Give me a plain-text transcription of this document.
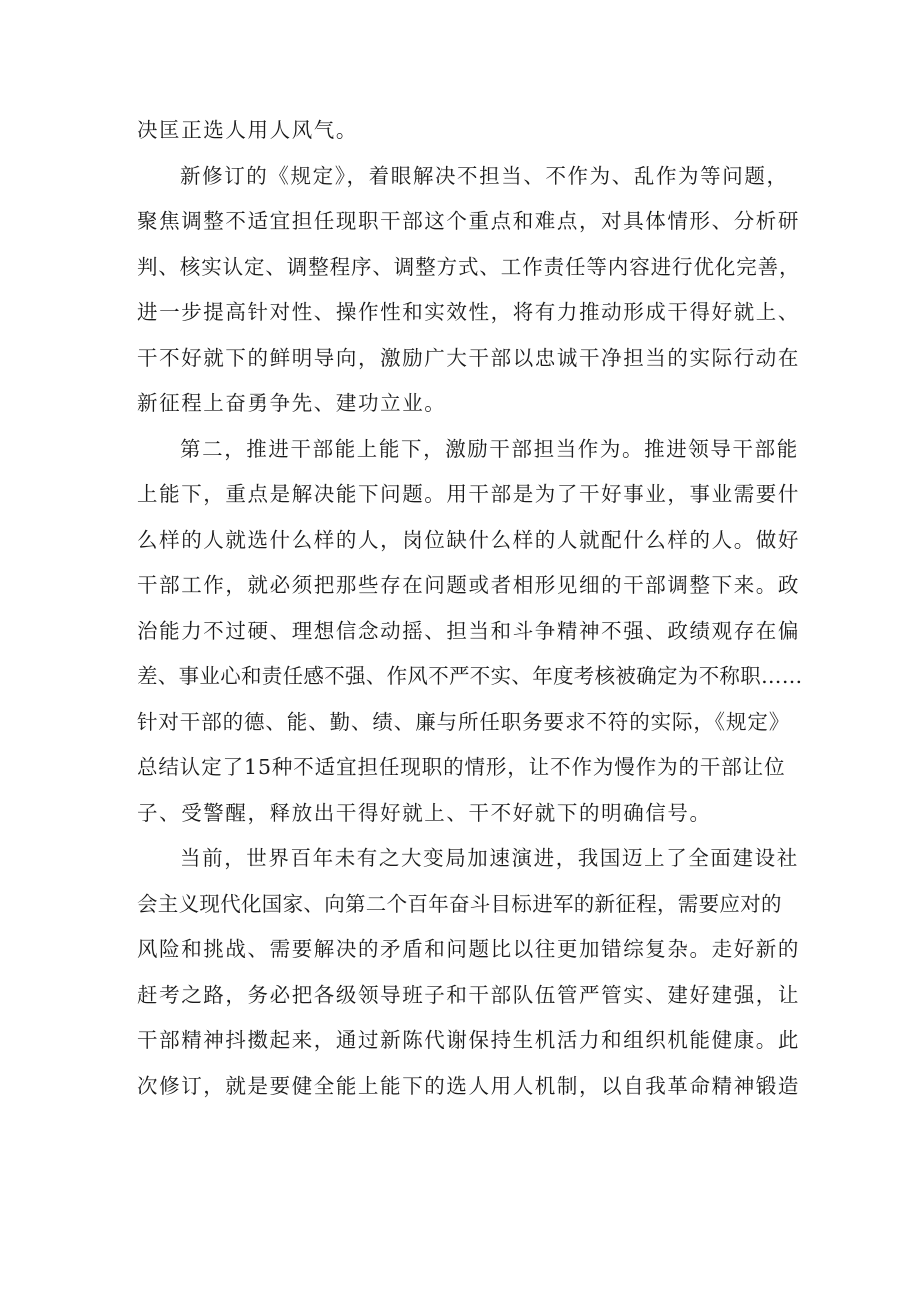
决匡正选人用人风气。

新修订的《规定》，着眼解决不担当、不作为、乱作为等问题，
聚焦调整不适宜担任现职干部这个重点和难点，对具体情形、分析研
判、核实认定、调整程序、调整方式、工作责任等内容进行优化完善，
进一步提高针对性、操作性和实效性，将有力推动形成干得好就上、
干不好就下的鲜明导向，激励广大干部以忠诚干净担当的实际行动在
新征程上奋勇争先、建功立业。

第二，推进干部能上能下，激励干部担当作为。推进领导干部能
上能下，重点是解决能下问题。用干部是为了干好事业，事业需要什
么样的人就选什么样的人，岗位缺什么样的人就配什么样的人。做好
干部工作，就必须把那些存在问题或者相形见细的干部调整下来。政
治能力不过硬、理想信念动摇、担当和斗争精神不强、政绩观存在偏
差、事业心和责任感不强、作风不严不实、年度考核被确定为不称职……
针对干部的德、能、勤、绩、廉与所任职务要求不符的实际，《规定》
总结认定了15种不适宜担任现职的情形，让不作为慢作为的干部让位
子、受警醒，释放出干得好就上、干不好就下的明确信号。

当前，世界百年未有之大变局加速演进，我国迈上了全面建设社
会主义现代化国家、向第二个百年奋斗目标进军的新征程，需要应对的
风险和挑战、需要解决的矛盾和问题比以往更加错综复杂。走好新的
赶考之路，务必把各级领导班子和干部队伍管严管实、建好建强，让
干部精神抖擞起来，通过新陈代谢保持生机活力和组织机能健康。此
次修订，就是要健全能上能下的选人用人机制，以自我革命精神锻造
